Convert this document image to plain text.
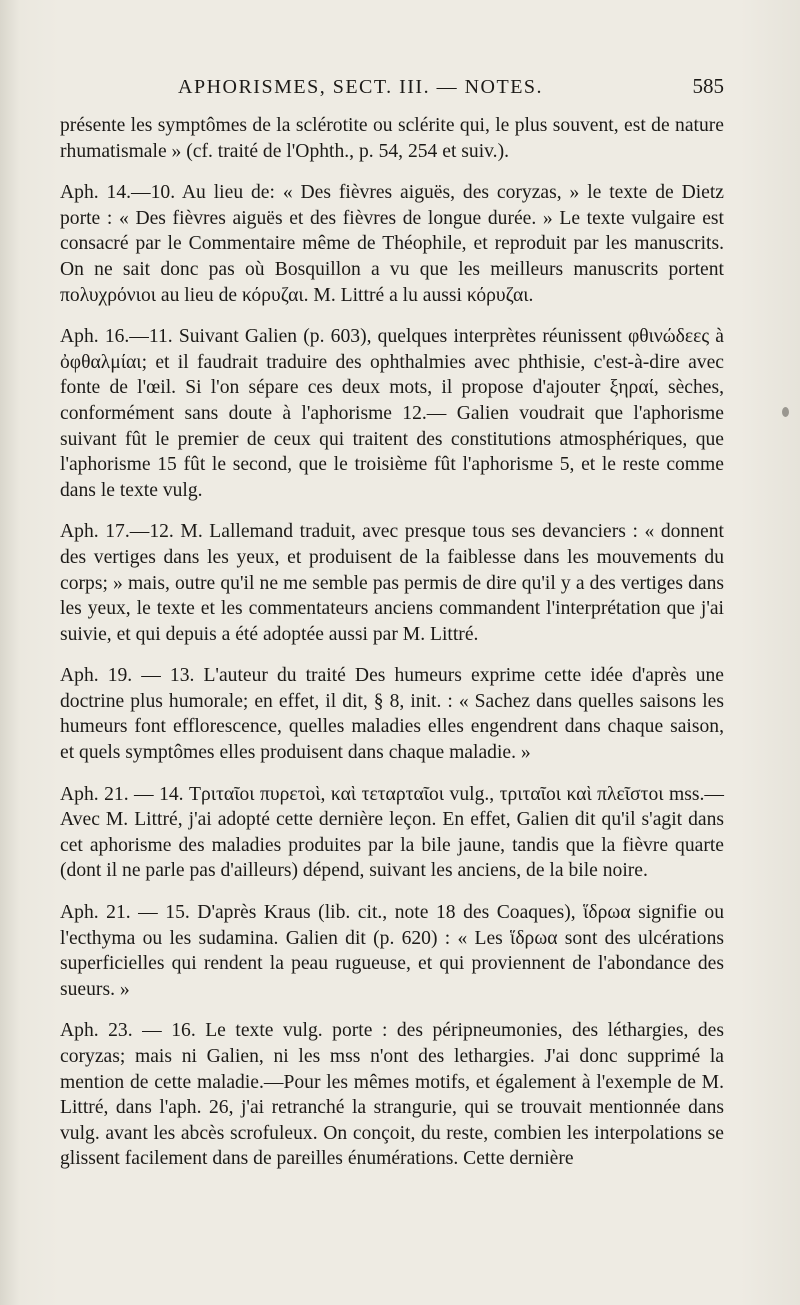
APHORISMES, SECT. III. — NOTES.	585

présente les symptômes de la sclérotite ou sclérite qui, le plus souvent, est de nature rhumatismale » (cf. traité de l'Ophth., p. 54, 254 et suiv.).

Aph. 14.—10. Au lieu de: « Des fièvres aiguës, des coryzas, » le texte de Dietz porte : « Des fièvres aiguës et des fièvres de longue durée. » Le texte vulgaire est consacré par le Commentaire même de Théophile, et reproduit par les manuscrits. On ne sait donc pas où Bosquillon a vu que les meilleurs manuscrits portent πολυχρόνιοι au lieu de κόρυζαι. M. Littré a lu aussi κόρυζαι.

Aph. 16.—11. Suivant Galien (p. 603), quelques interprètes réunissent φθινώδεες à ὀφθαλμίαι; et il faudrait traduire des ophthalmies avec phthisie, c'est-à-dire avec fonte de l'œil. Si l'on sépare ces deux mots, il propose d'ajouter ξηραί, sèches, conformément sans doute à l'aphorisme 12.— Galien voudrait que l'aphorisme suivant fût le premier de ceux qui traitent des constitutions atmosphériques, que l'aphorisme 15 fût le second, que le troisième fût l'aphorisme 5, et le reste comme dans le texte vulg.

Aph. 17.—12. M. Lallemand traduit, avec presque tous ses devanciers : « donnent des vertiges dans les yeux, et produisent de la faiblesse dans les mouvements du corps; » mais, outre qu'il ne me semble pas permis de dire qu'il y a des vertiges dans les yeux, le texte et les commentateurs anciens commandent l'interprétation que j'ai suivie, et qui depuis a été adoptée aussi par M. Littré.

Aph. 19. — 13. L'auteur du traité Des humeurs exprime cette idée d'après une doctrine plus humorale; en effet, il dit, § 8, init. : « Sachez dans quelles saisons les humeurs font efflorescence, quelles maladies elles engendrent dans chaque saison, et quels symptômes elles produisent dans chaque maladie. »

Aph. 21. — 14. Τριταῖοι πυρετοὶ, καὶ τεταρταῖοι vulg., τριταῖοι καὶ πλεῖστοι mss.—Avec M. Littré, j'ai adopté cette dernière leçon. En effet, Galien dit qu'il s'agit dans cet aphorisme des maladies produites par la bile jaune, tandis que la fièvre quarte (dont il ne parle pas d'ailleurs) dépend, suivant les anciens, de la bile noire.

Aph. 21. — 15. D'après Kraus (lib. cit., note 18 des Coaques), ἵδρωα signifie ou l'ecthyma ou les sudamina. Galien dit (p. 620) : « Les ἵδρωα sont des ulcérations superficielles qui rendent la peau rugueuse, et qui proviennent de l'abondance des sueurs. »

Aph. 23. — 16. Le texte vulg. porte : des péripneumonies, des léthargies, des coryzas; mais ni Galien, ni les mss n'ont des lethargies. J'ai donc supprimé la mention de cette maladie.—Pour les mêmes motifs, et également à l'exemple de M. Littré, dans l'aph. 26, j'ai retranché la strangurie, qui se trouvait mentionnée dans vulg. avant les abcès scrofuleux. On conçoit, du reste, combien les interpolations se glissent facilement dans de pareilles énumérations. Cette dernière
